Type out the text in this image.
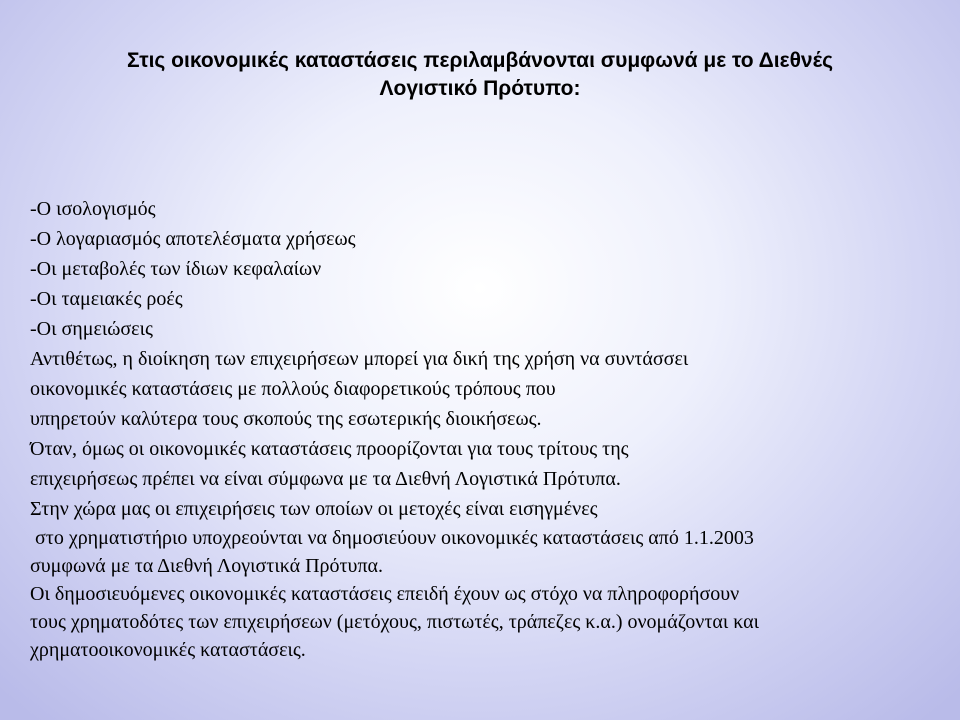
Στις οικονομικές καταστάσεις περιλαμβάνονται συμφωνά με το Διεθνές
Λογιστικό Πρότυπο:
-Ο ισολογισμός
-Ο λογαριασμός αποτελέσματα χρήσεως
-Οι μεταβολές των ίδιων κεφαλαίων
-Οι ταμειακές ροές
-Οι σημειώσεις
Αντιθέτως, η διοίκηση των επιχειρήσεων μπορεί για δική της χρήση να συντάσσει
οικονομικές καταστάσεις με πολλούς διαφορετικούς τρόπους που
υπηρετούν καλύτερα τους σκοπούς της εσωτερικής διοικήσεως.
Όταν, όμως οι οικονομικές καταστάσεις προορίζονται για τους τρίτους της
επιχειρήσεως πρέπει να είναι σύμφωνα με τα Διεθνή Λογιστικά Πρότυπα.
Στην χώρα μας οι επιχειρήσεις των οποίων οι μετοχές είναι εισηγμένες
στο χρηματιστήριο υποχρεούνται να δημοσιεύουν οικονομικές καταστάσεις από 1.1.2003
συμφωνά με τα Διεθνή Λογιστικά Πρότυπα.
Οι δημοσιευόμενες οικονομικές καταστάσεις επειδή έχουν ως στόχο να πληροφορήσουν
τους χρηματοδότες των επιχειρήσεων (μετόχους, πιστωτές, τράπεζες κ.α.) ονομάζονται και
χρηματοοικονομικές καταστάσεις.
